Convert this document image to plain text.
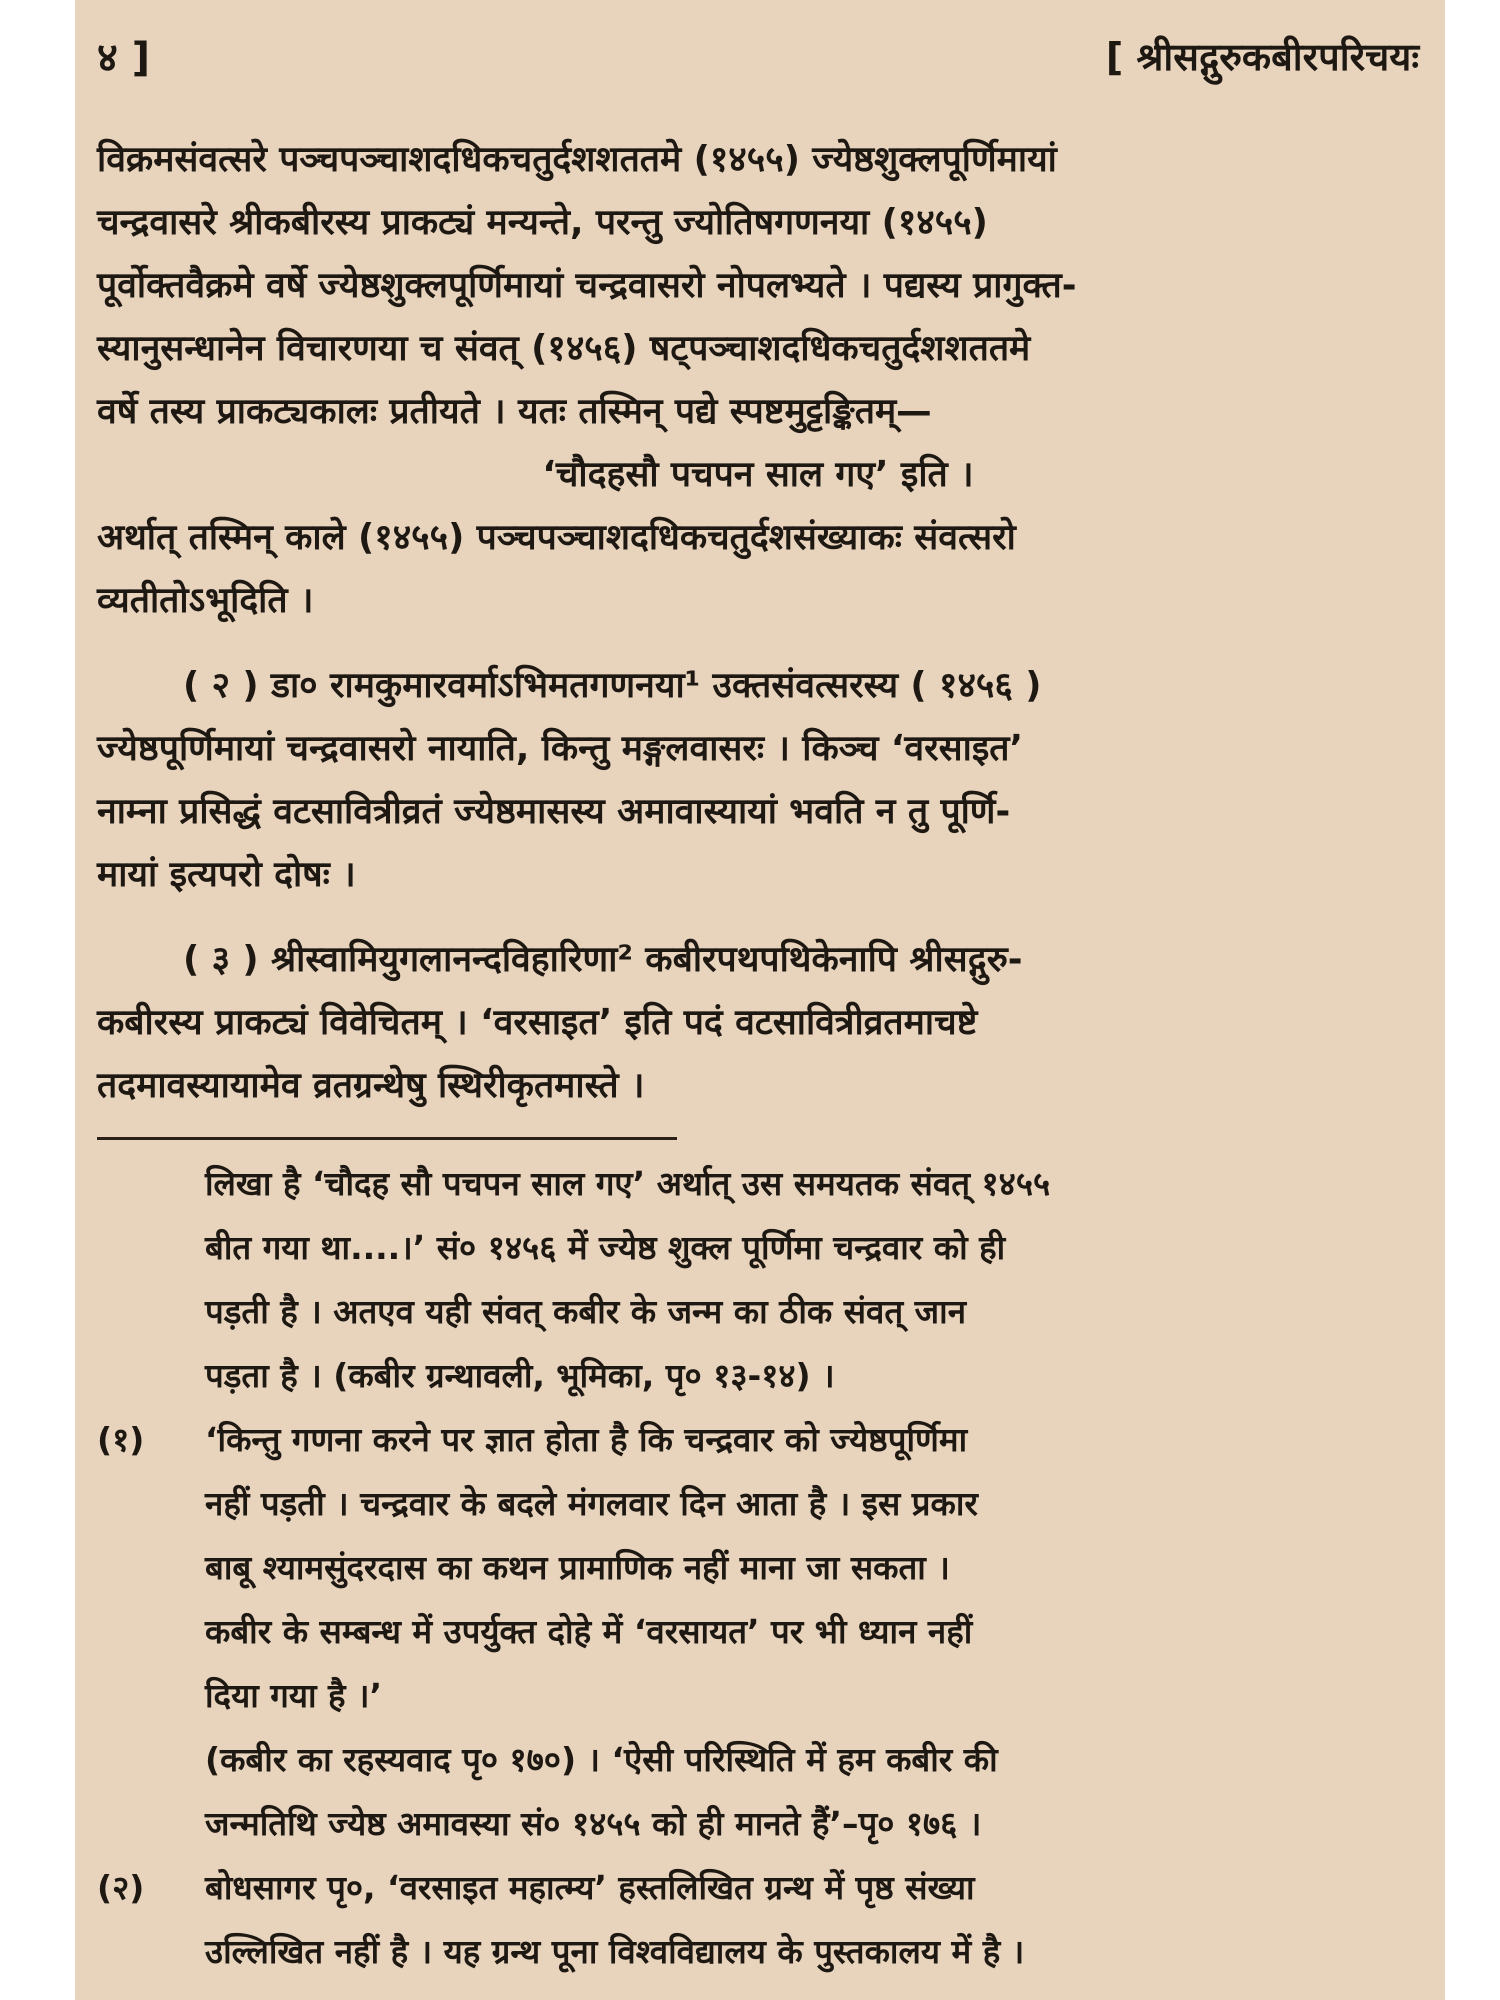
४ ]	[ श्रीसद्गुरुकबीरपरिचयः

विक्रमसंवत्सरे पञ्चपञ्चाशदधिकचतुर्दशशततमे (१४५५) ज्येष्ठशुक्लपूर्णिमायां

चन्द्रवासरे श्रीकबीरस्य प्राकट्यं मन्यन्ते, परन्तु ज्योतिषगणनया (१४५५)

पूर्वोक्तवैक्रमे वर्षे ज्येष्ठशुक्लपूर्णिमायां चन्द्रवासरो नोपलभ्यते । पद्यस्य प्रागुक्त-

स्यानुसन्धानेन विचारणया च संवत् (१४५६) षट्पञ्चाशदधिकचतुर्दशशततमे

वर्षे तस्य प्राकट्यकालः प्रतीयते । यतः तस्मिन् पद्ये स्पष्टमुट्टङ्कितम्—

‘चौदहसौ पचपन साल गए’ इति ।

अर्थात् तस्मिन् काले (१४५५) पञ्चपञ्चाशदधिकचतुर्दशसंख्याकः संवत्सरो

व्यतीतोऽभूदिति ।

( २ ) डा० रामकुमारवर्माऽभिमतगणनया¹ उक्तसंवत्सरस्य ( १४५६ )

ज्येष्ठपूर्णिमायां चन्द्रवासरो नायाति, किन्तु मङ्गलवासरः । किञ्च ‘वरसाइत’

नाम्ना प्रसिद्धं वटसावित्रीव्रतं ज्येष्ठमासस्य अमावास्यायां भवति न तु पूर्णि-

मायां इत्यपरो दोषः ।

( ३ ) श्रीस्वामियुगलानन्दविहारिणा² कबीरपथपथिकेनापि श्रीसद्गुरु-

कबीरस्य प्राकट्यं विवेचितम् । ‘वरसाइत’ इति पदं वटसावित्रीव्रतमाचष्टे

तदमावस्यायामेव व्रतग्रन्थेषु स्थिरीकृतमास्ते ।

लिखा है ‘चौदह सौ पचपन साल गए’ अर्थात् उस समयतक संवत् १४५५

बीत गया था....।’ सं० १४५६ में ज्येष्ठ शुक्ल पूर्णिमा चन्द्रवार को ही

पड़ती है । अतएव यही संवत् कबीर के जन्म का ठीक संवत् जान

पड़ता है । (कबीर ग्रन्थावली, भूमिका, पृ० १३-१४) ।

(१) ‘किन्तु गणना करने पर ज्ञात होता है कि चन्द्रवार को ज्येष्ठपूर्णिमा

नहीं पड़ती । चन्द्रवार के बदले मंगलवार दिन आता है । इस प्रकार

बाबू श्यामसुंदरदास का कथन प्रामाणिक नहीं माना जा सकता ।

कबीर के सम्बन्ध में उपर्युक्त दोहे में ‘वरसायत’ पर भी ध्यान नहीं

दिया गया है ।’

(कबीर का रहस्यवाद पृ० १७०) । ‘ऐसी परिस्थिति में हम कबीर की

जन्मतिथि ज्येष्ठ अमावस्या सं० १४५५ को ही मानते हैं’–पृ० १७६ ।

(२) बोधसागर पृ०, ‘वरसाइत महात्म्य’ हस्तलिखित ग्रन्थ में पृष्ठ संख्या

उल्लिखित नहीं है । यह ग्रन्थ पूना विश्वविद्यालय के पुस्तकालय में है ।
